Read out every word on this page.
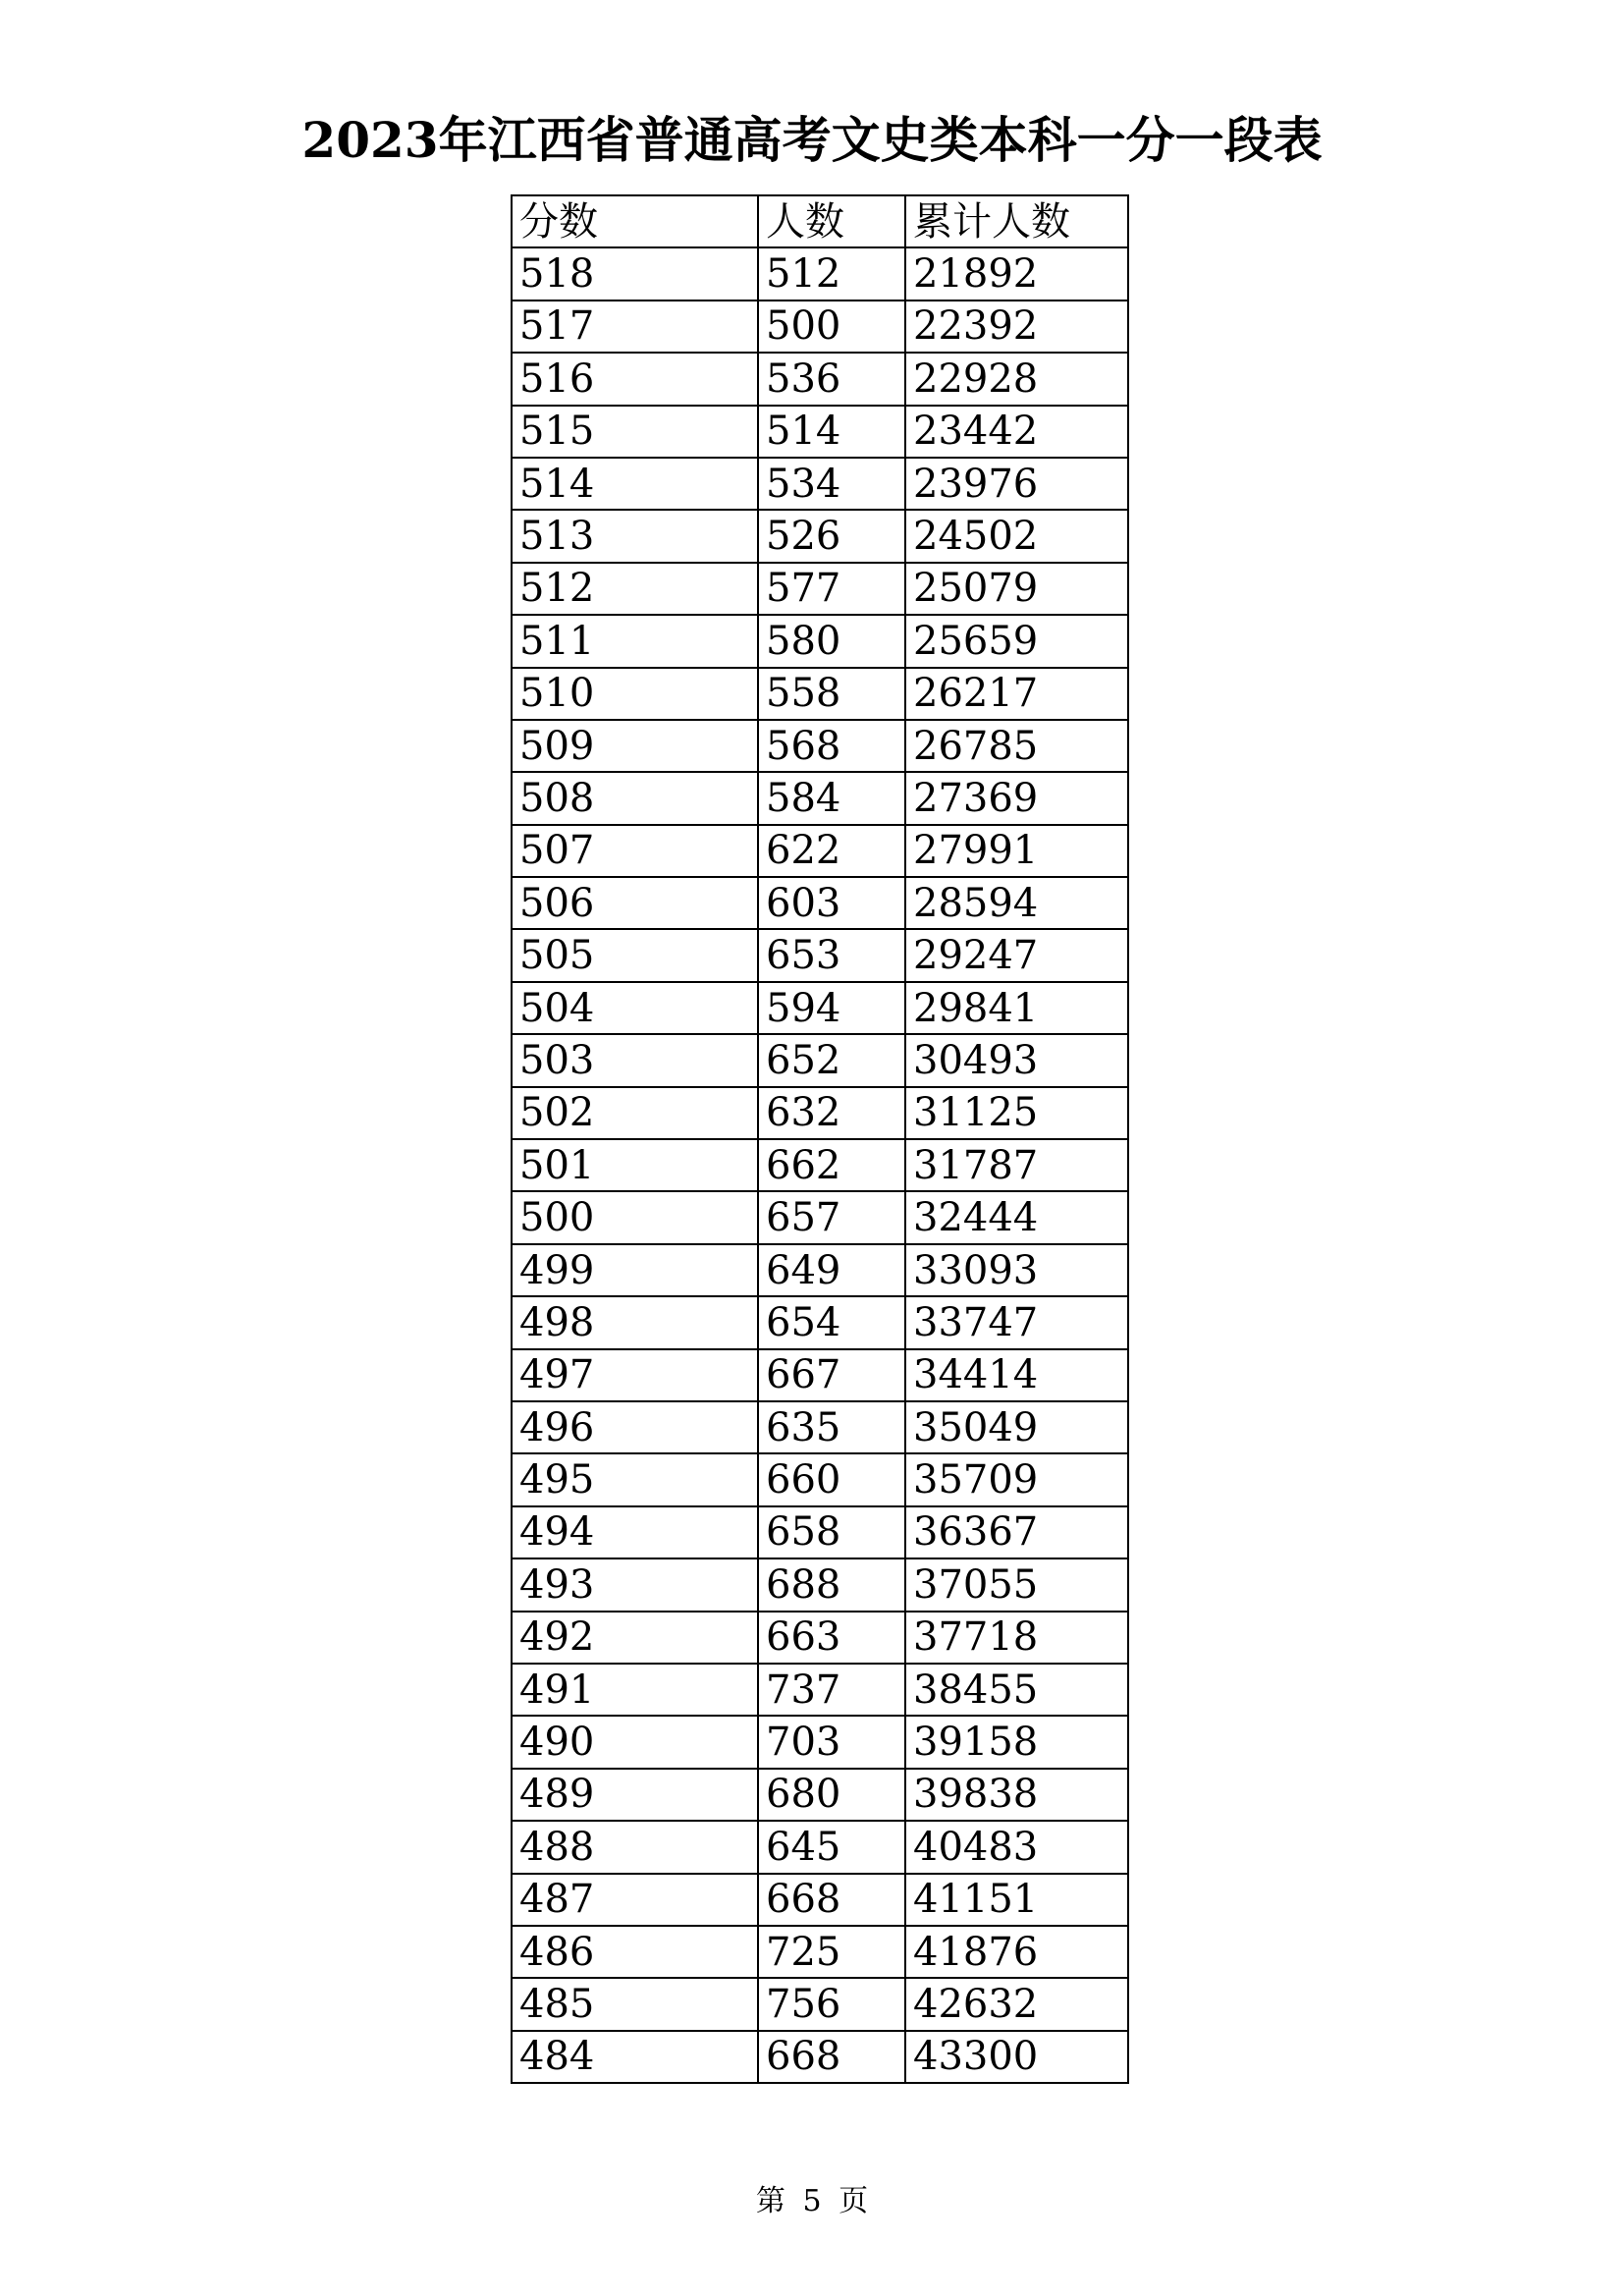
2023年江西省普通高考文史类本科一分一段表
分数	人数	累计人数
518	512	21892
517	500	22392
516	536	22928
515	514	23442
514	534	23976
513	526	24502
512	577	25079
511	580	25659
510	558	26217
509	568	26785
508	584	27369
507	622	27991
506	603	28594
505	653	29247
504	594	29841
503	652	30493
502	632	31125
501	662	31787
500	657	32444
499	649	33093
498	654	33747
497	667	34414
496	635	35049
495	660	35709
494	658	36367
493	688	37055
492	663	37718
491	737	38455
490	703	39158
489	680	39838
488	645	40483
487	668	41151
486	725	41876
485	756	42632
484	668	43300
第 5 页
